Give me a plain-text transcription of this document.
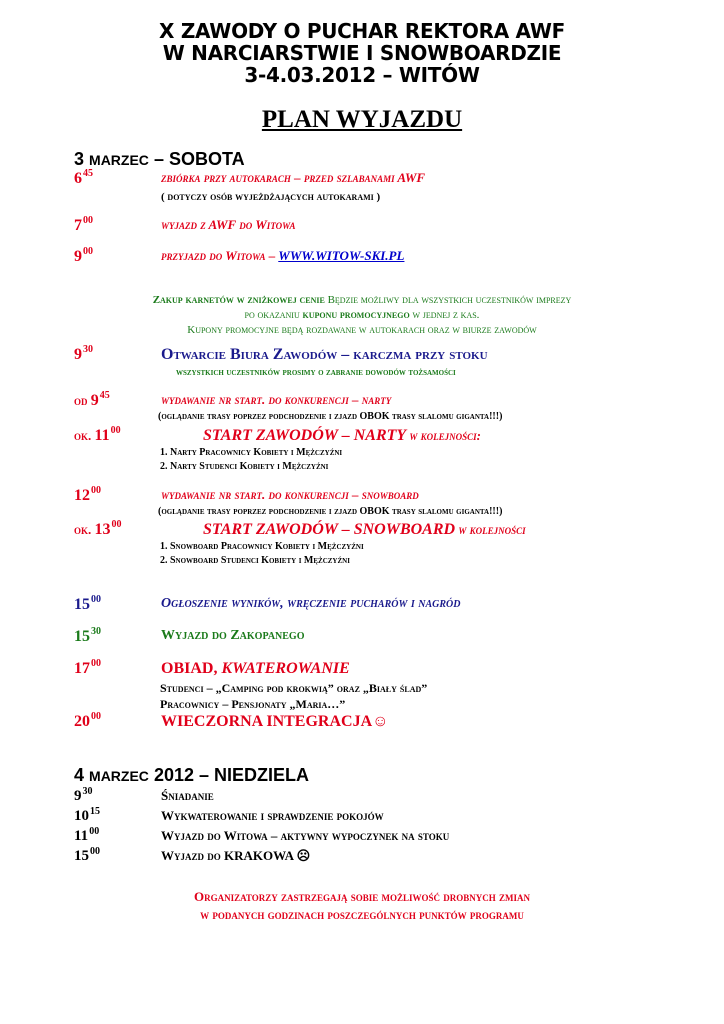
X ZAWODY O PUCHAR REKTORA AWF
W NARCIARSTWIE I SNOWBOARDZIE
3-4.03.2012 – WITÓW
PLAN WYJAZDU
3 MARZEC – SOBOTA
$6^{45}$	zbiórka przy autokarach – przed szlabanami AWF
( dotyczy osób wyjeżdżających autokarami )
$7^{00}$	wyjazd z AWF do Witowa
$9^{00}$	przyjazd do Witowa – WWW.WITOW-SKI.PL
Zakup karnetów w zniżkowej cenie Będzie możliwy dla wszystkich uczestników imprezy
po okazaniu kuponu promocyjnego w jednej z kas.
Kupony promocyjne będą rozdawane w autokarach oraz w biurze zawodów
$9^{30}$	Otwarcie Biura Zawodów – karczma przy stoku
wszystkich uczestników prosimy o zabranie dowodów tożsamości
od $9^{45}$	wydawanie nr start. do konkurencji – narty
(oglądanie trasy poprzez podchodzenie i zjazd OBOK trasy slalomu giganta!!!)
ok. $11^{00}$	START ZAWODÓW – NARTY w kolejności:
1. Narty Pracownicy Kobiety i Mężczyźni
2. Narty Studenci Kobiety i Mężczyźni
$12^{00}$	wydawanie nr start. do konkurencji – snowboard
(oglądanie trasy poprzez podchodzenie i zjazd OBOK trasy slalomu giganta!!!)
ok. $13^{00}$	START ZAWODÓW – SNOWBOARD w kolejności
1. Snowboard Pracownicy Kobiety i Mężczyźni
2. Snowboard Studenci Kobiety i Mężczyźni
$15^{00}$	Ogłoszenie wyników, wręczenie pucharów i nagród
$15^{30}$	Wyjazd do Zakopanego
$17^{00}$	OBIAD, KWATEROWANIE
Studenci – „Camping pod krokwią” oraz „Biały ślad”
Pracownicy – Pensjonaty „Maria…”
$20^{00}$	WIECZORNA INTEGRACJA☺
4 MARZEC 2012 – NIEDZIELA
$9^{30}$	Śniadanie
$10^{15}$	Wykwaterowanie i sprawdzenie pokojów
$11^{00}$	Wyjazd do Witowa – aktywny wypoczynek na stoku
$15^{00}$	Wyjazd do KRAKOWA ☹
Organizatorzy zastrzegają sobie możliwość drobnych zmian
w podanych godzinach poszczególnych punktów programu
